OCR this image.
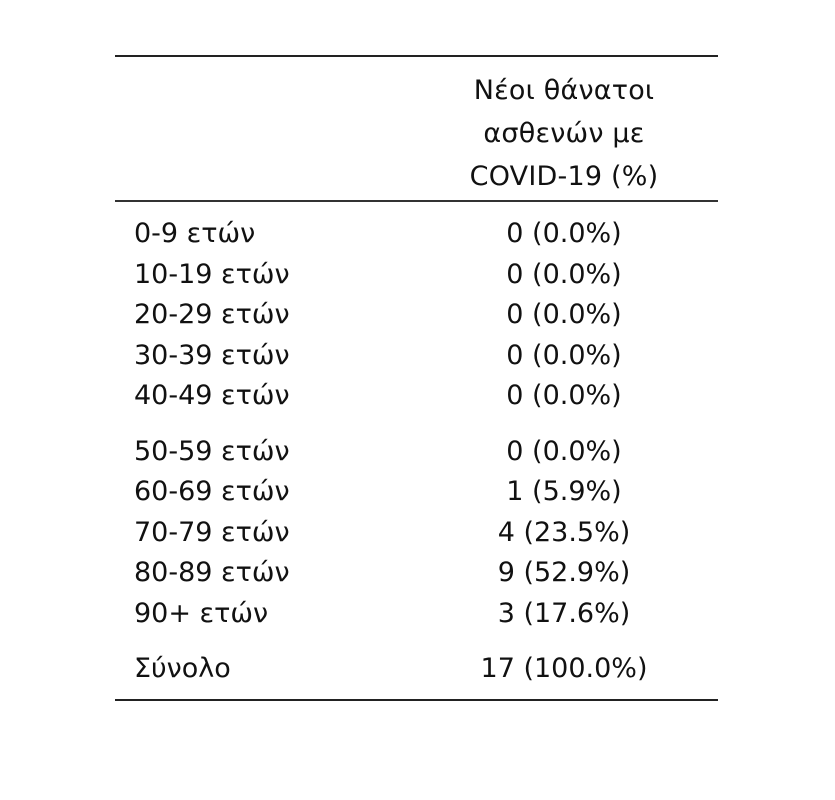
Νέοι θάνατοι
ασθενών με
COVID-19 (%)
0-9 ετών	0 (0.0%)
10-19 ετών	0 (0.0%)
20-29 ετών	0 (0.0%)
30-39 ετών	0 (0.0%)
40-49 ετών	0 (0.0%)
50-59 ετών	0 (0.0%)
60-69 ετών	1 (5.9%)
70-79 ετών	4 (23.5%)
80-89 ετών	9 (52.9%)
90+ ετών	3 (17.6%)
Σύνολο	17 (100.0%)
